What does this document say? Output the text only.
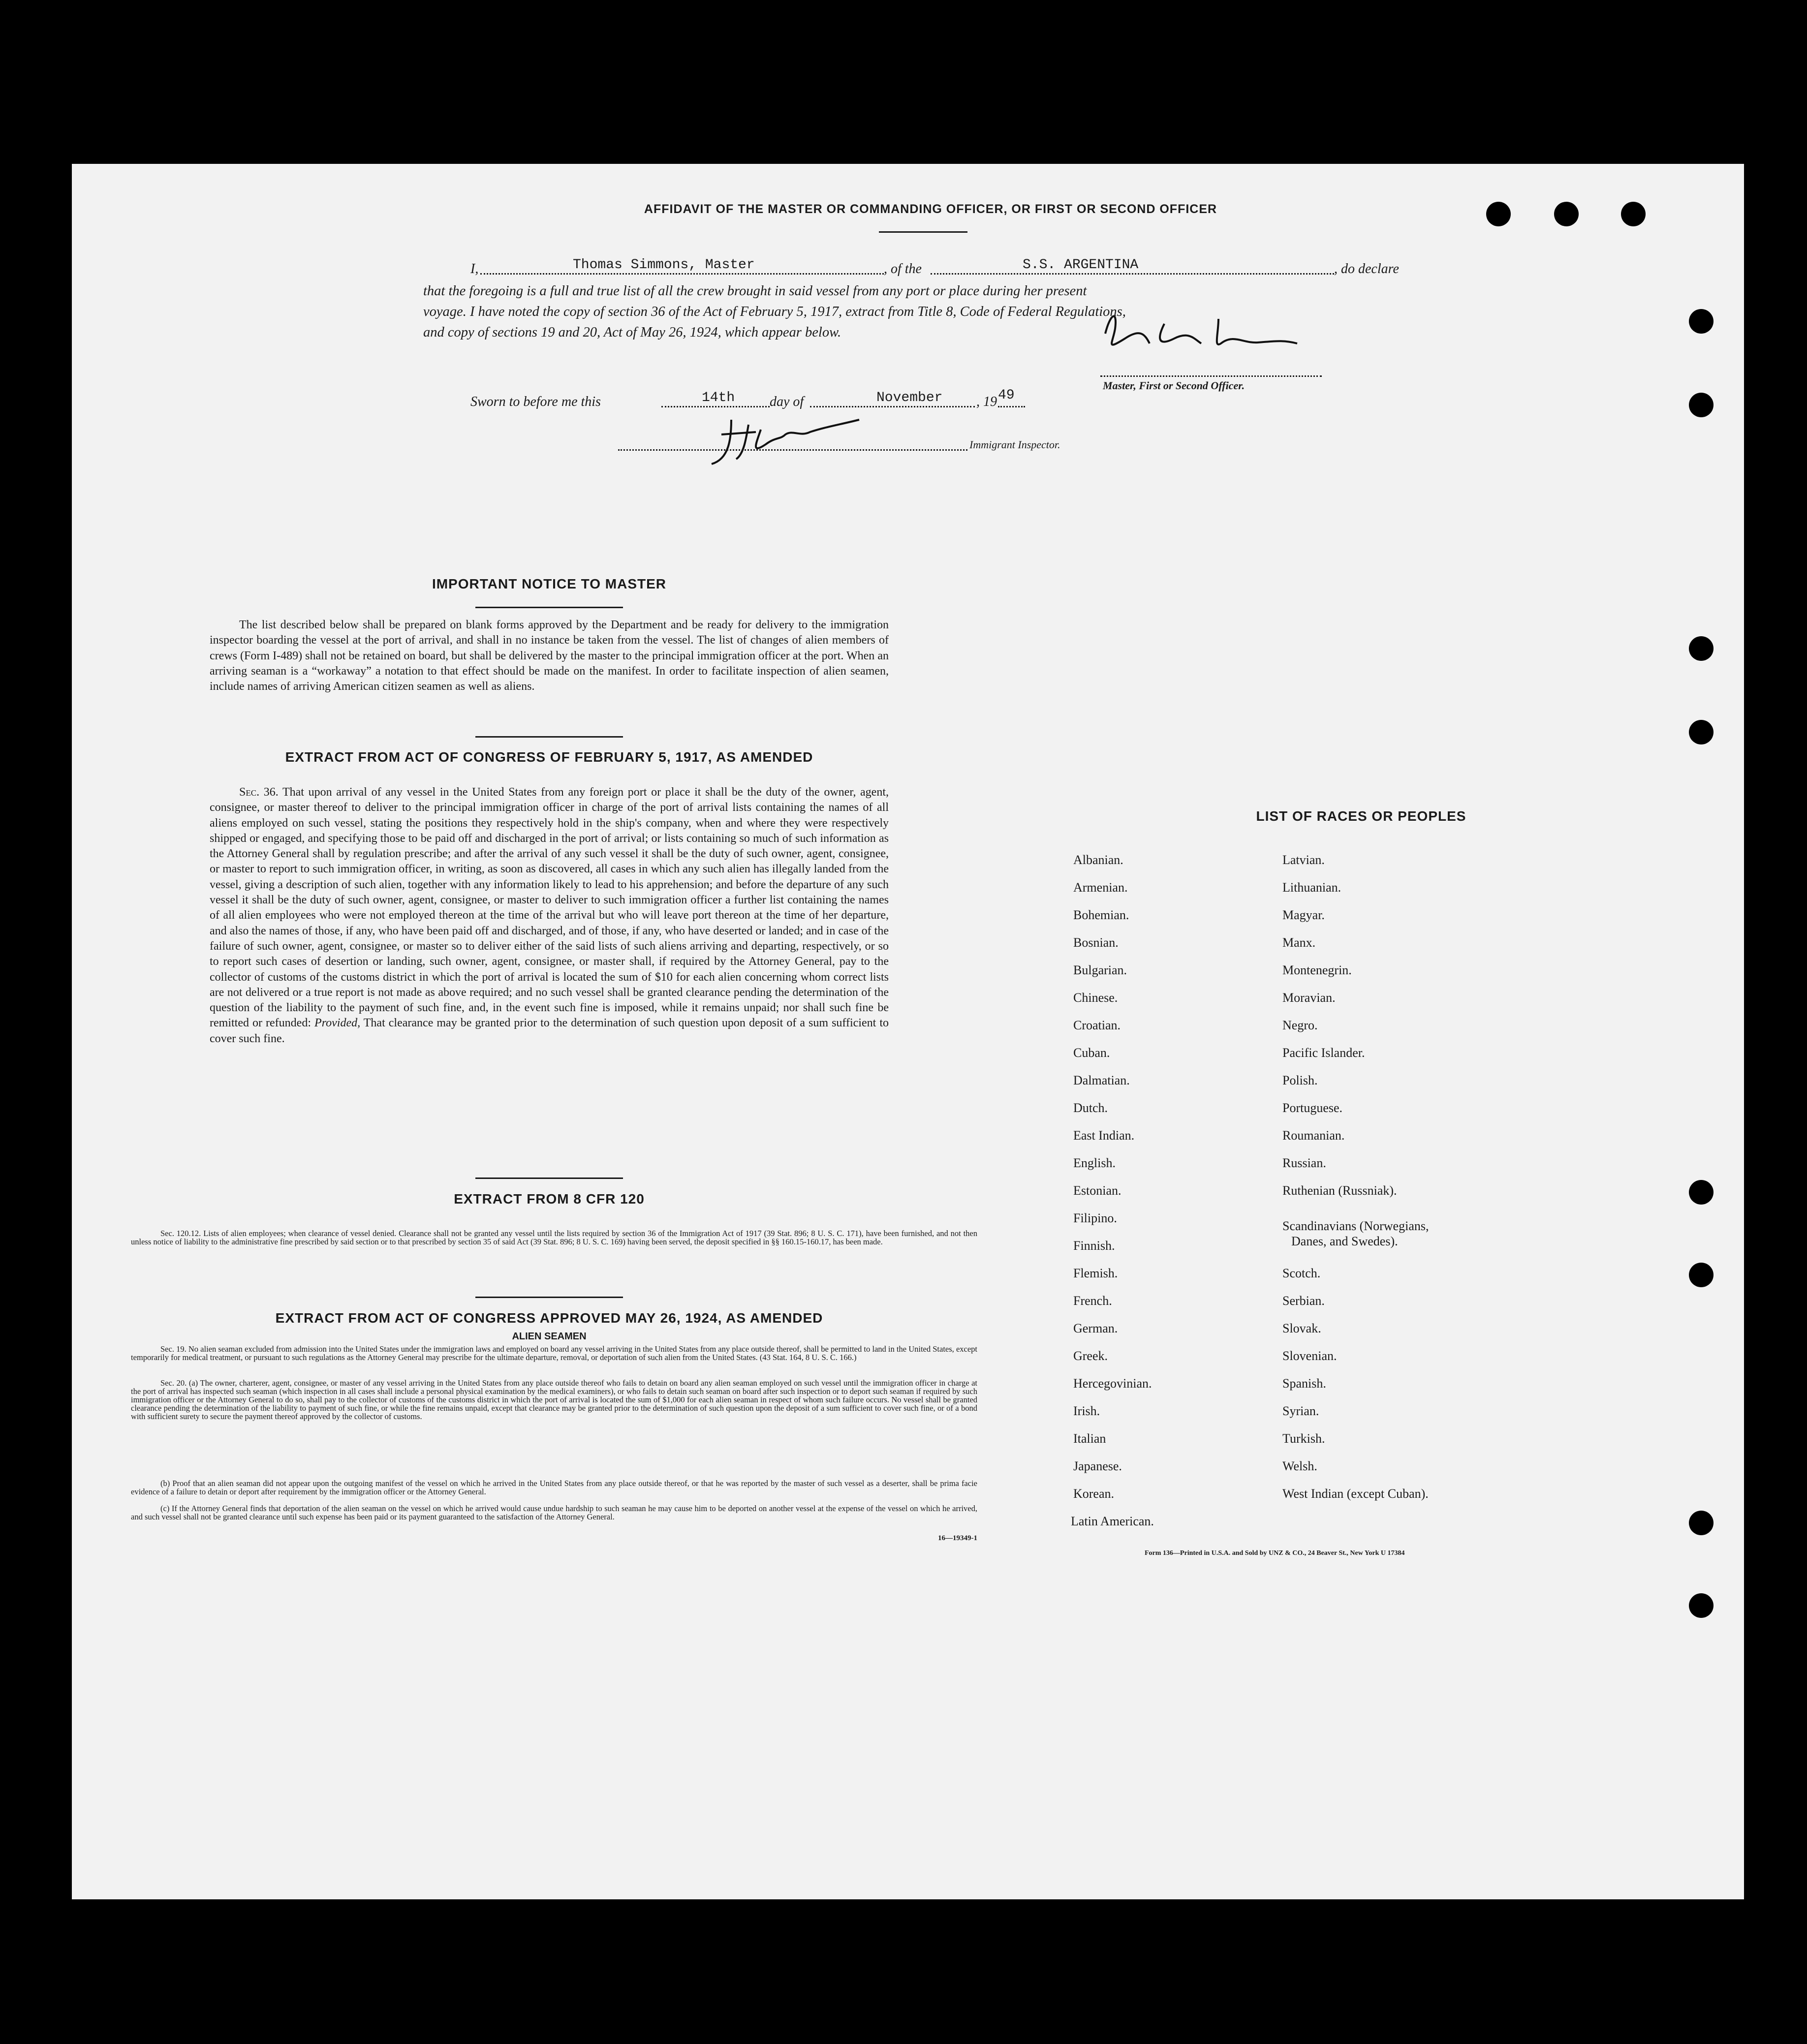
AFFIDAVIT OF THE MASTER OR COMMANDING OFFICER, OR FIRST OR SECOND OFFICER
I,	Thomas Simmons, Master	, of the	S.S. ARGENTINA	, do declare
that the foregoing is a full and true list of all the crew brought in said vessel from any port or place during her present
voyage. I have noted the copy of section 36 of the Act of February 5, 1917, extract from Title 8, Code of Federal Regulations,
and copy of sections 19 and 20, Act of May 26, 1924, which appear below.
Master, First or Second Officer.
Sworn to before me this	14th	day of	November , 19 49
Immigrant Inspector.
IMPORTANT NOTICE TO MASTER
The list described below shall be prepared on blank forms approved by the Department and be ready for delivery to the immigration inspector boarding the vessel at the port of arrival, and shall in no instance be taken from the vessel. The list of changes of alien members of crews (Form I-489) shall not be retained on board, but shall be delivered by the master to the principal immigration officer at the port. When an arriving seaman is a “workaway” a notation to that effect should be made on the manifest. In order to facilitate inspection of alien seamen, include names of arriving American citizen seamen as well as aliens.
EXTRACT FROM ACT OF CONGRESS OF FEBRUARY 5, 1917, AS AMENDED
Sec. 36. That upon arrival of any vessel in the United States from any foreign port or place it shall be the duty of the owner, agent, consignee, or master thereof to deliver to the principal immigration officer in charge of the port of arrival lists containing the names of all aliens employed on such vessel, stating the positions they respectively hold in the ship's company, when and where they were respectively shipped or engaged, and specifying those to be paid off and discharged in the port of arrival; or lists containing so much of such information as the Attorney General shall by regulation prescribe; and after the arrival of any such vessel it shall be the duty of such owner, agent, consignee, or master to report to such immigration officer, in writing, as soon as discovered, all cases in which any such alien has illegally landed from the vessel, giving a description of such alien, together with any information likely to lead to his apprehension; and before the departure of any such vessel it shall be the duty of such owner, agent, consignee, or master to deliver to such immigration officer a further list containing the names of all alien employees who were not employed thereon at the time of the arrival but who will leave port thereon at the time of her departure, and also the names of those, if any, who have been paid off and discharged, and of those, if any, who have deserted or landed; and in case of the failure of such owner, agent, consignee, or master so to deliver either of the said lists of such aliens arriving and departing, respectively, or so to report such cases of desertion or landing, such owner, agent, consignee, or master shall, if required by the Attorney General, pay to the collector of customs of the customs district in which the port of arrival is located the sum of $10 for each alien concerning whom correct lists are not delivered or a true report is not made as above required; and no such vessel shall be granted clearance pending the determination of the question of the liability to the payment of such fine, and, in the event such fine is imposed, while it remains unpaid; nor shall such fine be remitted or refunded: Provided, That clearance may be granted prior to the determination of such question upon deposit of a sum sufficient to cover such fine.
EXTRACT FROM 8 CFR 120
Sec. 120.12. Lists of alien employees; when clearance of vessel denied. Clearance shall not be granted any vessel until the lists required by section 36 of the Immigration Act of 1917 (39 Stat. 896; 8 U. S. C. 171), have been furnished, and not then unless notice of liability to the administrative fine prescribed by said section or to that prescribed by section 35 of said Act (39 Stat. 896; 8 U. S. C. 169) having been served, the deposit specified in §§ 160.15-160.17, has been made.
EXTRACT FROM ACT OF CONGRESS APPROVED MAY 26, 1924, AS AMENDED
ALIEN SEAMEN
Sec. 19. No alien seaman excluded from admission into the United States under the immigration laws and employed on board any vessel arriving in the United States from any place outside thereof, shall be permitted to land in the United States, except temporarily for medical treatment, or pursuant to such regulations as the Attorney General may prescribe for the ultimate departure, removal, or deportation of such alien from the United States. (43 Stat. 164, 8 U. S. C. 166.)
Sec. 20. (a) The owner, charterer, agent, consignee, or master of any vessel arriving in the United States from any place outside thereof who fails to detain on board any alien seaman employed on such vessel until the immigration officer in charge at the port of arrival has inspected such seaman (which inspection in all cases shall include a personal physical examination by the medical examiners), or who fails to detain such seaman on board after such inspection or to deport such seaman if required by such immigration officer or the Attorney General to do so, shall pay to the collector of customs of the customs district in which the port of arrival is located the sum of $1,000 for each alien seaman in respect of whom such failure occurs. No vessel shall be granted clearance pending the determination of the liability to payment of such fine, or while the fine remains unpaid, except that clearance may be granted prior to the determination of such question upon the deposit of a sum sufficient to cover such fine, or of a bond with sufficient surety to secure the payment thereof approved by the collector of customs.
(b) Proof that an alien seaman did not appear upon the outgoing manifest of the vessel on which he arrived in the United States from any place outside thereof, or that he was reported by the master of such vessel as a deserter, shall be prima facie evidence of a failure to detain or deport after requirement by the immigration officer or the Attorney General.
(c) If the Attorney General finds that deportation of the alien seaman on the vessel on which he arrived would cause undue hardship to such seaman he may cause him to be deported on another vessel at the expense of the vessel on which he arrived, and such vessel shall not be granted clearance until such expense has been paid or its payment guaranteed to the satisfaction of the Attorney General.
16—19349-1
LIST OF RACES OR PEOPLES
Albanian.
Armenian.
Bohemian.
Bosnian.
Bulgarian.
Chinese.
Croatian.
Cuban.
Dalmatian.
Dutch.
East Indian.
English.
Estonian.
Filipino.
Finnish.
Flemish.
French.
German.
Greek.
Hercegovinian.
Irish.
Italian
Japanese.
Korean.
Latin American.
Latvian.
Lithuanian.
Magyar.
Manx.
Montenegrin.
Moravian.
Negro.
Pacific Islander.
Polish.
Portuguese.
Roumanian.
Russian.
Ruthenian (Russniak).
Scandinavians (Norwegians,
Danes, and Swedes).
Scotch.
Serbian.
Slovak.
Slovenian.
Spanish.
Syrian.
Turkish.
Welsh.
West Indian (except Cuban).
Form 136—Printed in U.S.A. and Sold by UNZ & CO., 24 Beaver St., New York U 17384
